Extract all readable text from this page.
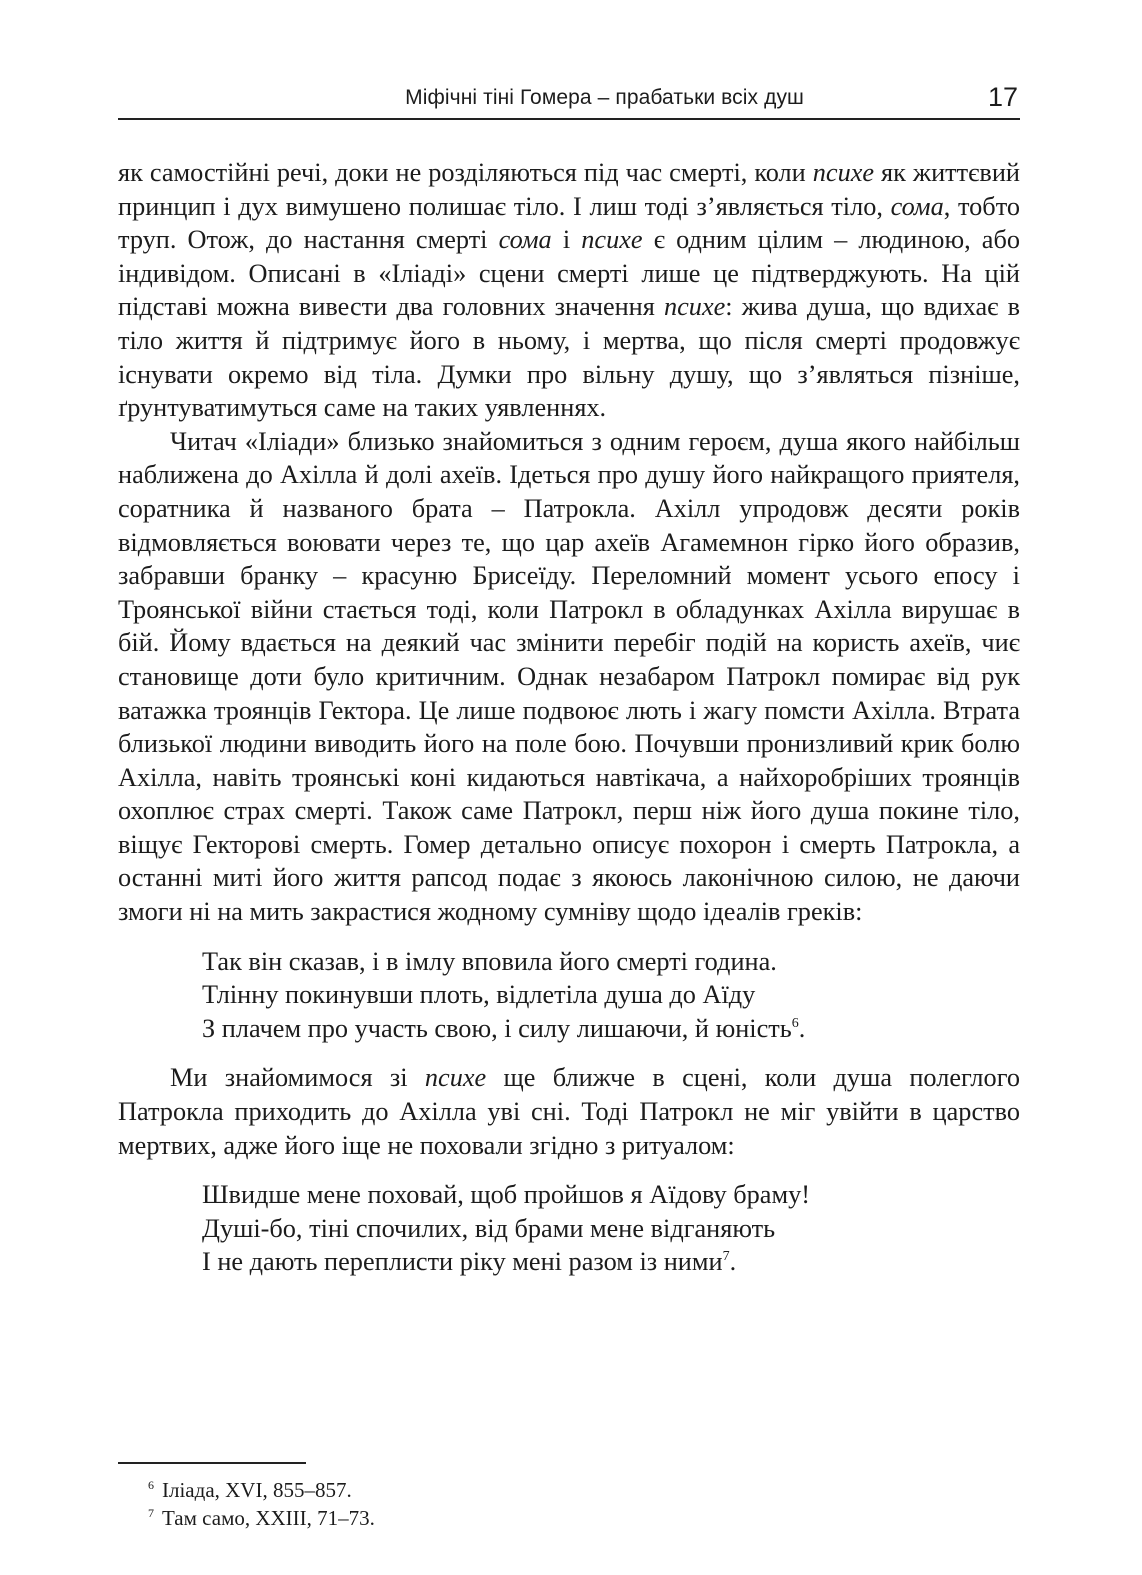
Міфічні тіні Гомера – прабатьки всіх душ	17

як самостійні речі, доки не розділяються під час смерті, коли психе як життєвий принцип і дух вимушено полишає тіло. І лиш тоді з’являється тіло, сома, тобто труп. Отож, до настання смерті сома і психе є одним цілим – людиною, або індивідом. Описані в «Іліаді» сцени смерті лише це підтверджують. На цій підставі можна вивести два головних значення психе: жива душа, що вдихає в тіло життя й підтримує його в ньому, і мертва, що після смерті продовжує існувати окремо від тіла. Думки про вільну душу, що з’являться пізніше, ґрунтуватимуться саме на таких уявленнях.

Читач «Іліади» близько знайомиться з одним героєм, душа якого найбільш наближена до Ахілла й долі ахеїв. Ідеться про душу його найкращого приятеля, соратника й названого брата – Патрокла. Ахілл упродовж десяти років відмовляється воювати через те, що цар ахеїв Агамемнон гірко його образив, забравши бранку – красуню Брисеїду. Переломний момент усього епосу і Троянської війни стається тоді, коли Патрокл в обладунках Ахілла вирушає в бій. Йому вдається на деякий час змінити перебіг подій на користь ахеїв, чиє становище доти було критичним. Однак незабаром Патрокл помирає від рук ватажка троянців Гектора. Це лише подвоює лють і жагу помсти Ахілла. Втрата близької людини виводить його на поле бою. Почувши пронизливий крик болю Ахілла, навіть троянські коні кидаються навтікача, а найхоробріших троянців охоплює страх смерті. Також саме Патрокл, перш ніж його душа покине тіло, віщує Гекторові смерть. Гомер детально описує похорон і смерть Патрокла, а останні миті його життя рапсод подає з якоюсь лаконічною силою, не даючи змоги ні на мить закрастися жодному сумніву щодо ідеалів греків:

Так він сказав, і в імлу вповила його смерті година.
Тлінну покинувши плоть, відлетіла душа до Аїду
З плачем про участь свою, і силу лишаючи, й юність$^6$.

Ми знайомимося зі психе ще ближче в сцені, коли душа полеглого Патрокла приходить до Ахілла уві сні. Тоді Патрокл не міг увійти в царство мертвих, адже його іще не поховали згідно з ритуалом:

Швидше мене поховай, щоб пройшов я Аїдову браму!
Душі-бо, тіні спочилих, від брами мене відганяють
І не дають переплисти ріку мені разом із ними$^7$.
$^6$ Іліада, XVI, 855–857.
$^7$ Там само, XXIII, 71–73.
